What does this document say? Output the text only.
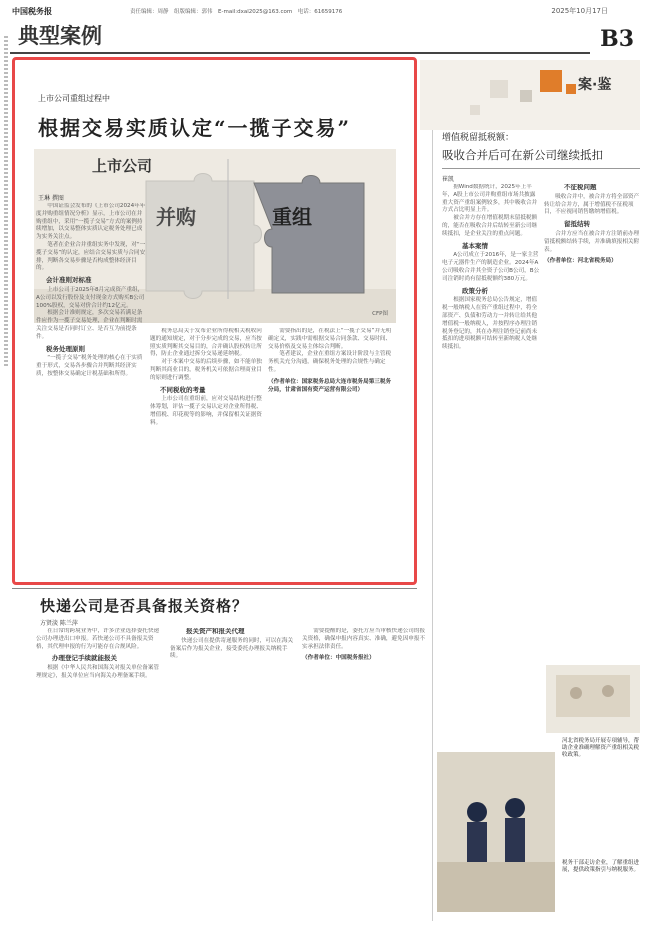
中国税务报	责任编辑：周静　组版编辑：郭伟　E-mail:dxal2025@163.com　电话：61659176	2025年10月17日
典型案例	B3
上市公司重组过程中
根据交易实质认定“一揽子交易”
上市公司
并购	重组
CFP图
王琳 撰图

中国证监会发布的《上市公司2024年年度并购重组情况分析》显示，上市公司在并购重组中，采用“一揽子交易”方式的案例持续增加，以交易整体实质认定税务处理已成为实务关注点。

笔者在企业合并重组实务中发现，对“一揽子交易”的认定，应结合交易实质与合同安排，判断各交易步骤是否构成整体经济目的。

会计准则对标准

上市公司于2025年8月完成资产重组，A公司以发行股份及支付现金方式购买B公司100%股权，交易对价合计约12亿元。

根据会计准则规定，多次交易若满足条件应作为一揽子交易处理，企业在判断时需关注交易是否同时订立、是否互为前提条件。

税务处理原则

“一揽子交易”税务处理的核心在于实质重于形式，交易各步骤合并判断其经济实质，按整体交易确定计税基础和所得。

税务总局关于发布企业所得税相关税收问题的通知规定，对于分步完成的交易，应当按照实质判断其交易目的，合并确认股权转让所得，防止企业通过拆分交易递延纳税。

对于本案中交易的后续步骤，如不能单独判断其商业目的，税务机关可依据合理商业目的原则进行调整。

不同税收的考量

上市公司在重组前，应对交易结构进行整体筹划，评估一揽子交易认定对企业所得税、增值税、印花税等的影响，并保留相关证据资料。

需要指出的是，在税法上“一揽子交易”并无明确定义，实践中需根据交易合同条款、交易时间、交易价格及交易主体综合判断。

笔者建议，企业在重组方案设计阶段与主管税务机关充分沟通，确保税务处理的合规性与确定性。

（作者单位：国家税务总局大连市税务局第三税务分局，甘肃省国有资产运营有限公司）

案·鉴
增值税留抵税额：
吸收合并后可在新公司继续抵扣
崔凯

据Wind数据统计，2025年上半年，A股上市公司并购重组市场共披露重大资产重组案例较多，其中吸收合并方式占比明显上升。

被合并方存在增值税期末留抵税额的，能否在吸收合并后结转至新公司继续抵扣，是企业关注的重点问题。

基本案情

A公司成立于2016年，是一家主营电子元器件生产的制造企业。2024年A公司吸收合并其全资子公司B公司，B公司注销时尚有留抵税额约380万元。

政策分析

根据国家税务总局公告规定，增值税一般纳税人在资产重组过程中，将全部资产、负债和劳动力一并转让给其他增值税一般纳税人，并按程序办理注销税务登记的，其在办理注销登记前尚未抵扣的进项税额可结转至新纳税人处继续抵扣。

不征税问题

吸收合并中，被合并方将全部资产转让给合并方，属于增值税不征税项目，不应视同销售缴纳增值税。

留抵结转

合并方应当在被合并方注销前办理留抵税额结转手续，并准确填报相关附表。

（作者单位：河北省税务局）

河北省税务局开展专项辅导，帮助企业准确理解资产重组相关税收政策。
税务干部走访企业，了解重组进展，提供政策指引与纳税服务。
快递公司是否具备报关资格？
方贤淡 陈兰萍

在日常的跨境业务中，许多企业选择委托快递公司办理进出口申报。若快递公司不具备报关资格，其代理申报的行为可能存在合规风险。

办理登记手续就能报关

根据《中华人民共和国海关对报关单位备案管理规定》，报关单位应当向海关办理备案手续。

报关资产和报关代理

快递公司在提供寄递服务的同时，可以在海关备案后作为报关企业，接受委托办理报关纳税手续。

需要提醒的是，委托方应当审核快递公司的报关资格，确保申报内容真实、准确，避免因申报不实承担法律责任。

（作者单位：中国税务报社）
